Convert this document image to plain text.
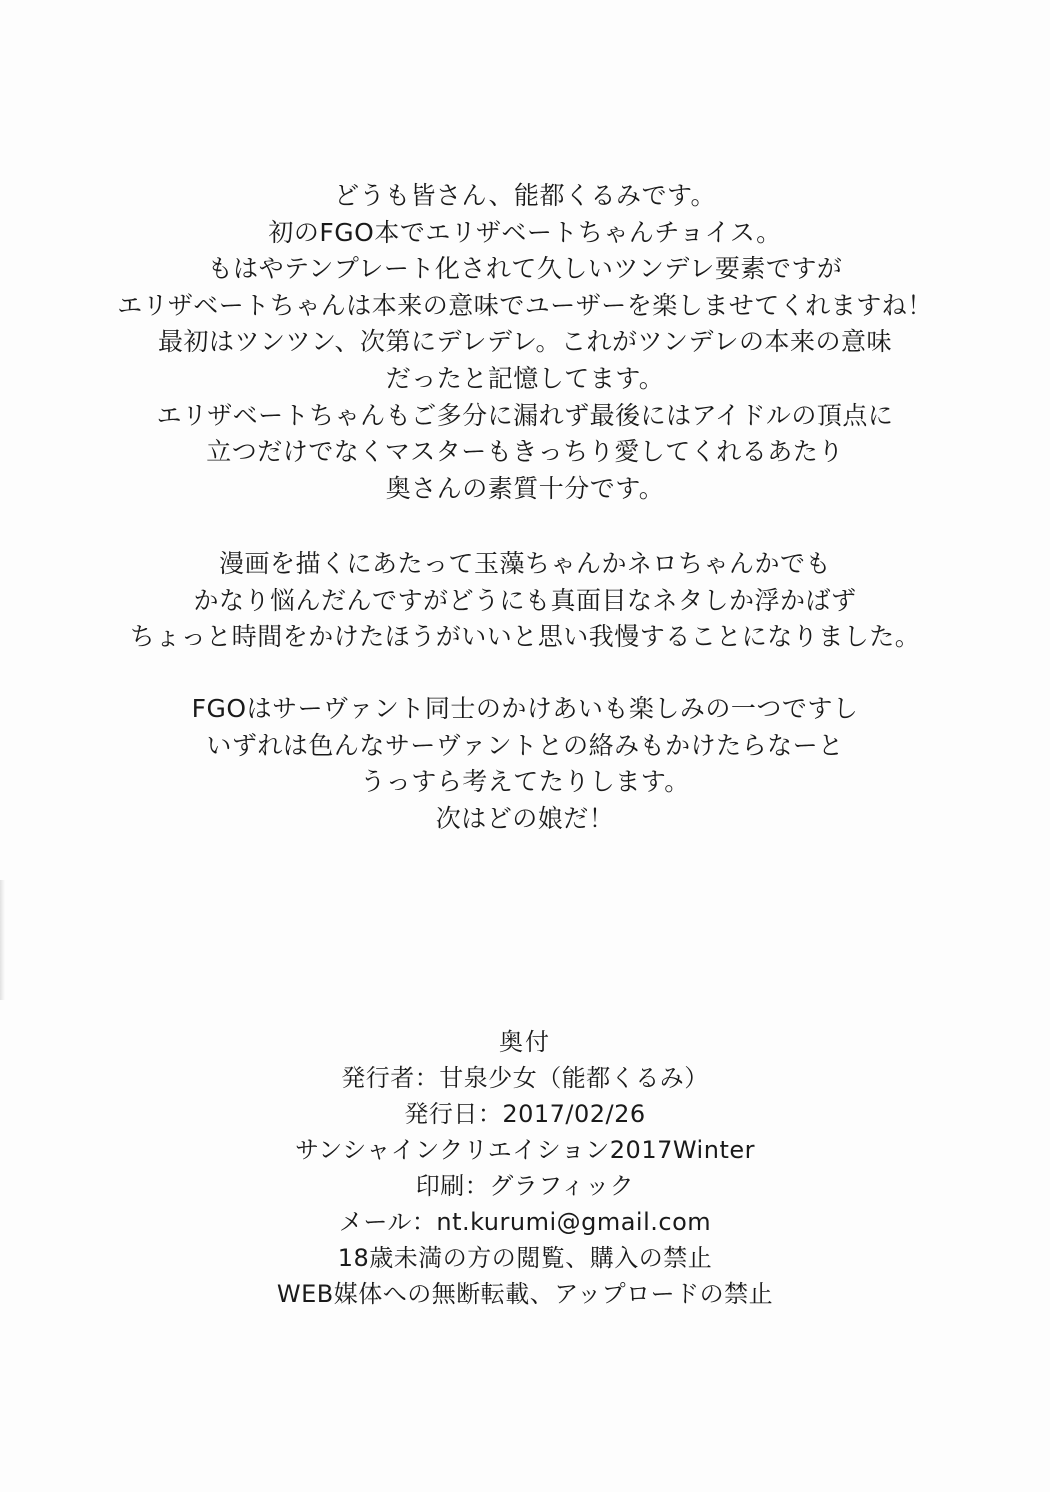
どうも皆さん、能都くるみです。
初のFGO本でエリザベートちゃんチョイス。
もはやテンプレート化されて久しいツンデレ要素ですが
エリザベートちゃんは本来の意味でユーザーを楽しませてくれますね！
最初はツンツン、次第にデレデレ。これがツンデレの本来の意味
だったと記憶してます。
エリザベートちゃんもご多分に漏れず最後にはアイドルの頂点に
立つだけでなくマスターもきっちり愛してくれるあたり
奥さんの素質十分です。
漫画を描くにあたって玉藻ちゃんかネロちゃんかでも
かなり悩んだんですがどうにも真面目なネタしか浮かばず
ちょっと時間をかけたほうがいいと思い我慢することになりました。
FGOはサーヴァント同士のかけあいも楽しみの一つですし
いずれは色んなサーヴァントとの絡みもかけたらなーと
うっすら考えてたりします。
次はどの娘だ！
奥付
発行者：甘泉少女（能都くるみ）
発行日：2017/02/26
サンシャインクリエイション2017Winter
印刷：グラフィック
メール：nt.kurumi@gmail.com
18歳未満の方の閲覧、購入の禁止
WEB媒体への無断転載、アップロードの禁止
